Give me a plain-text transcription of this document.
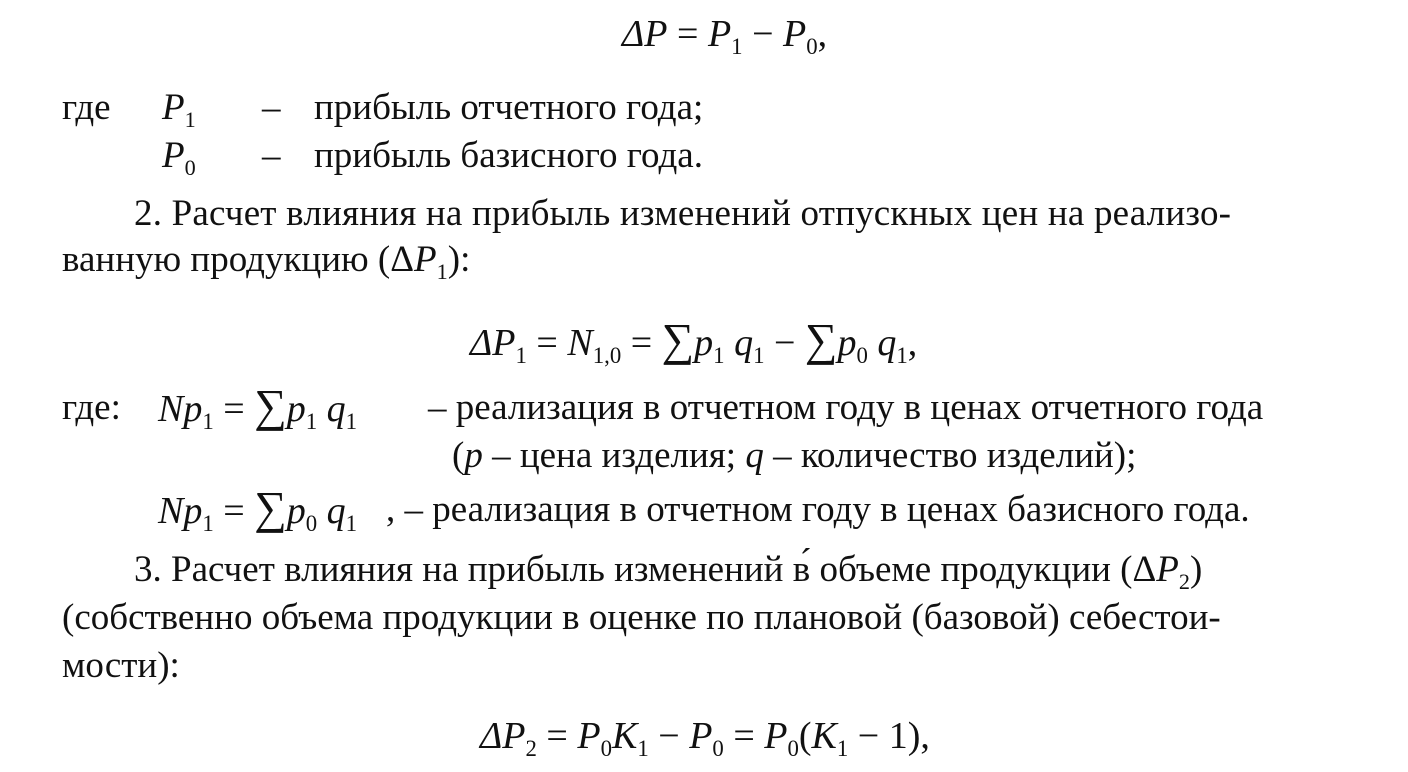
$\Delta P = P_1 - P_0$,
где $P_1$ – прибыль отчетного года;
$P_0$ – прибыль базисного года.
2. Расчет влияния на прибыль изменений отпускных цен на реализо-
ванную продукцию $(\Delta P_1)$:
$\Delta P_1 = N_{1,0} = \sum p_1$ $q_1 - \sum p_0$ $q_1$,
где: $Np_1 = \sum p_1$ $q_1$ – реализация в отчетном году в ценах отчетного года
(p – цена изделия; q – количество изделий);
$Np_1 = \sum p_0$ $q_1$ , – реализация в отчетном году в ценах базисного года.
3. Расчет влияния на прибыль изменений в́ объеме продукции $(\Delta P_2)$
(собственно объема продукции в оценке по плановой (базовой) себестои-
мости):
$\Delta P_2 = P_0K_1 - P_0 = P_0(K_1 - 1)$,
